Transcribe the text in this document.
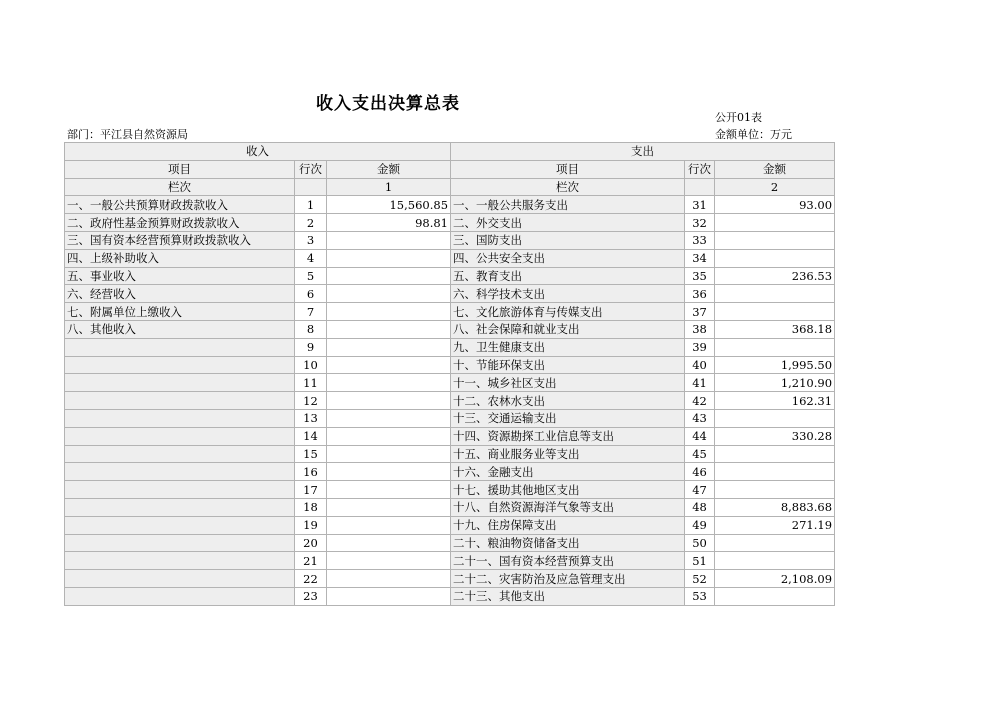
收入支出决算总表
公开01表
部门：平江县自然资源局	金额单位：万元
收入			支出		
项目	行次	金额	项目	行次	金额
栏次		1	栏次		2
一、一般公共预算财政拨款收入	1	15,560.85	一、一般公共服务支出	31	93.00
二、政府性基金预算财政拨款收入	2	98.81	二、外交支出	32	
三、国有资本经营预算财政拨款收入	3		三、国防支出	33	
四、上级补助收入	4		四、公共安全支出	34	
五、事业收入	5		五、教育支出	35	236.53
六、经营收入	6		六、科学技术支出	36	
七、附属单位上缴收入	7		七、文化旅游体育与传媒支出	37	
八、其他收入	8		八、社会保障和就业支出	38	368.18
	9		九、卫生健康支出	39	
	10		十、节能环保支出	40	1,995.50
	11		十一、城乡社区支出	41	1,210.90
	12		十二、农林水支出	42	162.31
	13		十三、交通运输支出	43	
	14		十四、资源勘探工业信息等支出	44	330.28
	15		十五、商业服务业等支出	45	
	16		十六、金融支出	46	
	17		十七、援助其他地区支出	47	
	18		十八、自然资源海洋气象等支出	48	8,883.68
	19		十九、住房保障支出	49	271.19
	20		二十、粮油物资储备支出	50	
	21		二十一、国有资本经营预算支出	51	
	22		二十二、灾害防治及应急管理支出	52	2,108.09
	23		二十三、其他支出	53	
